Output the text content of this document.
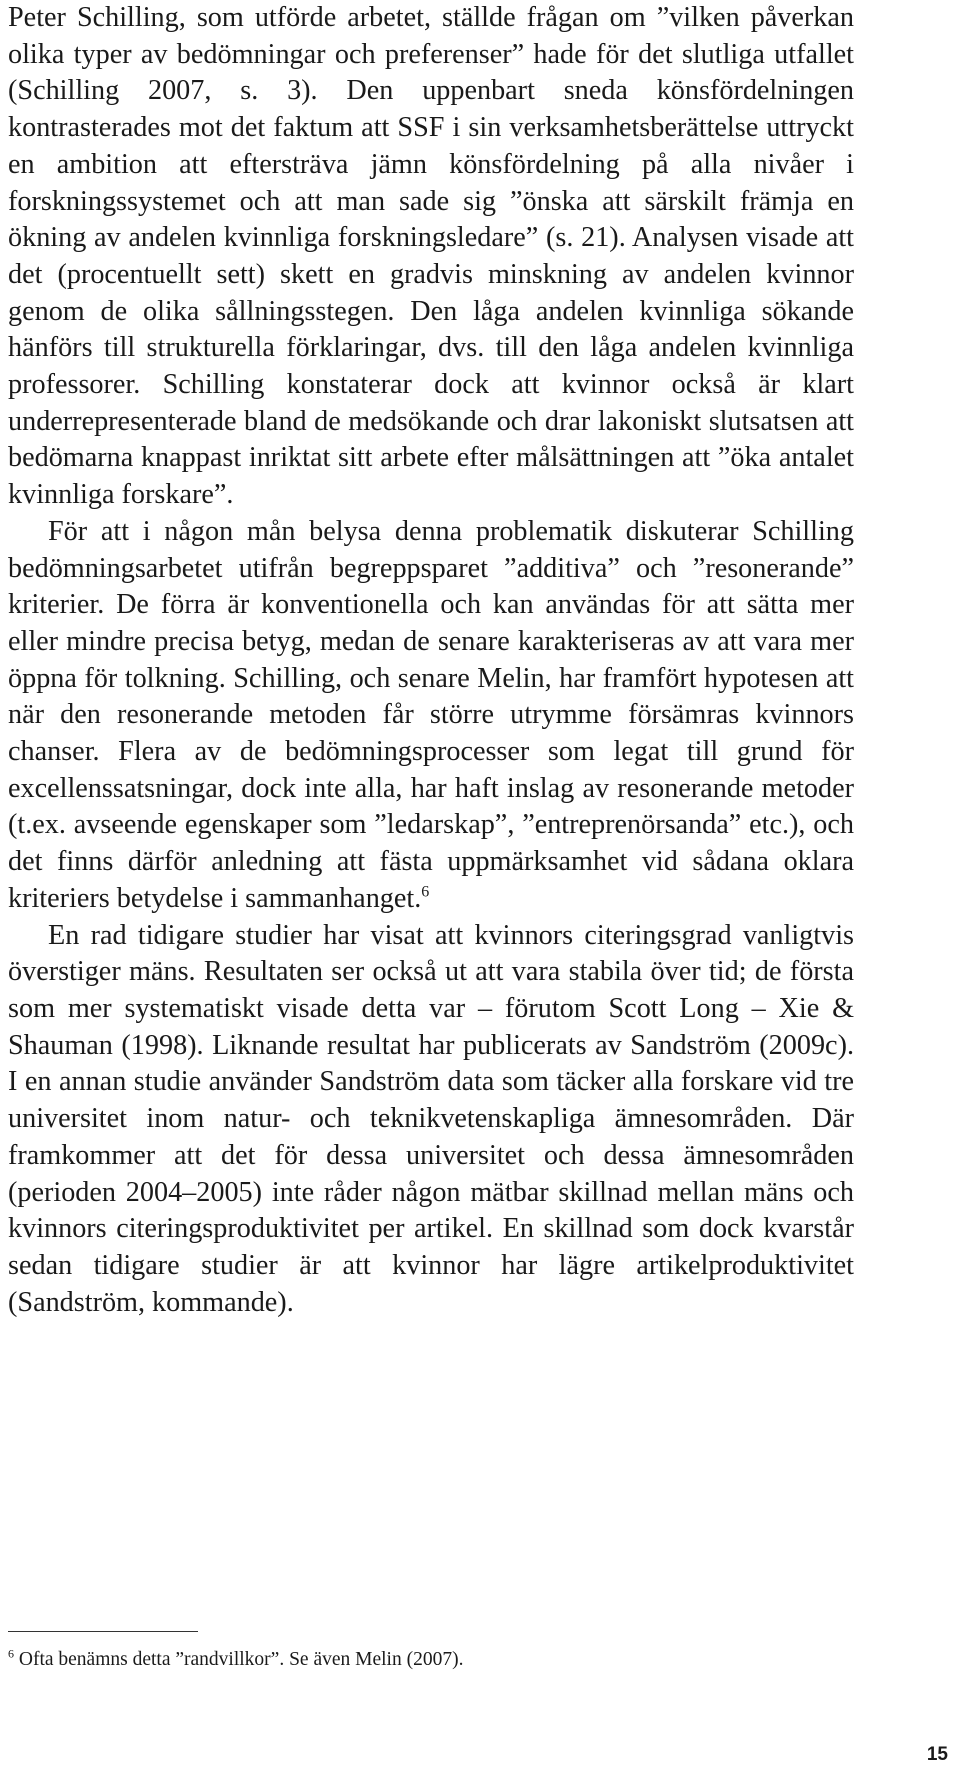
Peter Schilling, som utförde arbetet, ställde frågan om ”vilken påverkan olika typer av bedömningar och preferenser” hade för det slutliga utfallet (Schilling 2007, s. 3). Den uppenbart sneda könsfördelningen kontrasterades mot det faktum att SSF i sin verksamhetsberättelse uttryckt en ambition att eftersträva jämn könsfördelning på alla nivåer i forskningssystemet och att man sade sig ”önska att särskilt främja en ökning av andelen kvinnliga forskningsledare” (s. 21). Analysen visade att det (procentuellt sett) skett en gradvis minskning av andelen kvinnor genom de olika sållningsstegen. Den låga andelen kvinnliga sökande hänförs till strukturella förklaringar, dvs. till den låga andelen kvinnliga professorer. Schilling konstaterar dock att kvinnor också är klart underrepresenterade bland de medsökande och drar lakoniskt slutsatsen att bedömarna knappast inriktat sitt arbete efter målsättningen att ”öka antalet kvinnliga forskare”.

För att i någon mån belysa denna problematik diskuterar Schilling bedömningsarbetet utifrån begreppsparet ”additiva” och ”resonerande” kriterier. De förra är konventionella och kan användas för att sätta mer eller mindre precisa betyg, medan de senare karakteriseras av att vara mer öppna för tolkning. Schilling, och senare Melin, har framfört hypotesen att när den resonerande metoden får större utrymme försämras kvinnors chanser. Flera av de bedömningsprocesser som legat till grund för excellenssatsningar, dock inte alla, har haft inslag av resonerande metoder (t.ex. avseende egenskaper som ”ledarskap”, ”entreprenörsanda” etc.), och det finns därför anledning att fästa uppmärksamhet vid sådana oklara kriteriers betydelse i sammanhanget.$^6$

En rad tidigare studier har visat att kvinnors citeringsgrad vanligtvis överstiger mäns. Resultaten ser också ut att vara stabila över tid; de första som mer systematiskt visade detta var – förutom Scott Long – Xie & Shauman (1998). Liknande resultat har publicerats av Sandström (2009c). I en annan studie använder Sandström data som täcker alla forskare vid tre universitet inom natur- och teknikvetenskapliga ämnesområden. Där framkommer att det för dessa universitet och dessa ämnesområden (perioden 2004–2005) inte råder någon mätbar skillnad mellan mäns och kvinnors citeringsproduktivitet per artikel. En skillnad som dock kvarstår sedan tidigare studier är att kvinnor har lägre artikelproduktivitet (Sandström, kommande).

$^6$ Ofta benämns detta ”randvillkor”. Se även Melin (2007).
15
